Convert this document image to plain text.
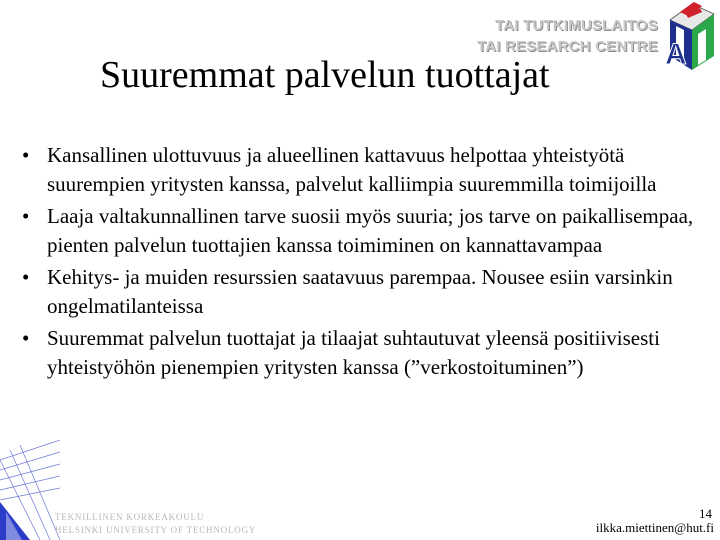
TAI TUTKIMUSLAITOS
TAI RESEARCH CENTRE A
Suuremmat palvelun tuottajat
• Kansallinen ulottuvuus ja alueellinen kattavuus helpottaa yhteistyötä suurempien yritysten kanssa, palvelut kalliimpia suuremmilla toimijoilla
• Laaja valtakunnallinen tarve suosii myös suuria; jos tarve on paikallisempaa, pienten palvelun tuottajien kanssa toimiminen on kannattavampaa
• Kehitys- ja muiden resurssien saatavuus parempaa. Nousee esiin varsinkin ongelmatilanteissa
• Suuremmat palvelun tuottajat ja tilaajat suhtautuvat yleensä positiivisesti yhteistyöhön pienempien yritysten kanssa (”verkostoituminen”)
TEKNILLINEN KORKEAKOULU
HELSINKI UNIVERSITY OF TECHNOLOGY
14
ilkka.miettinen@hut.fi
